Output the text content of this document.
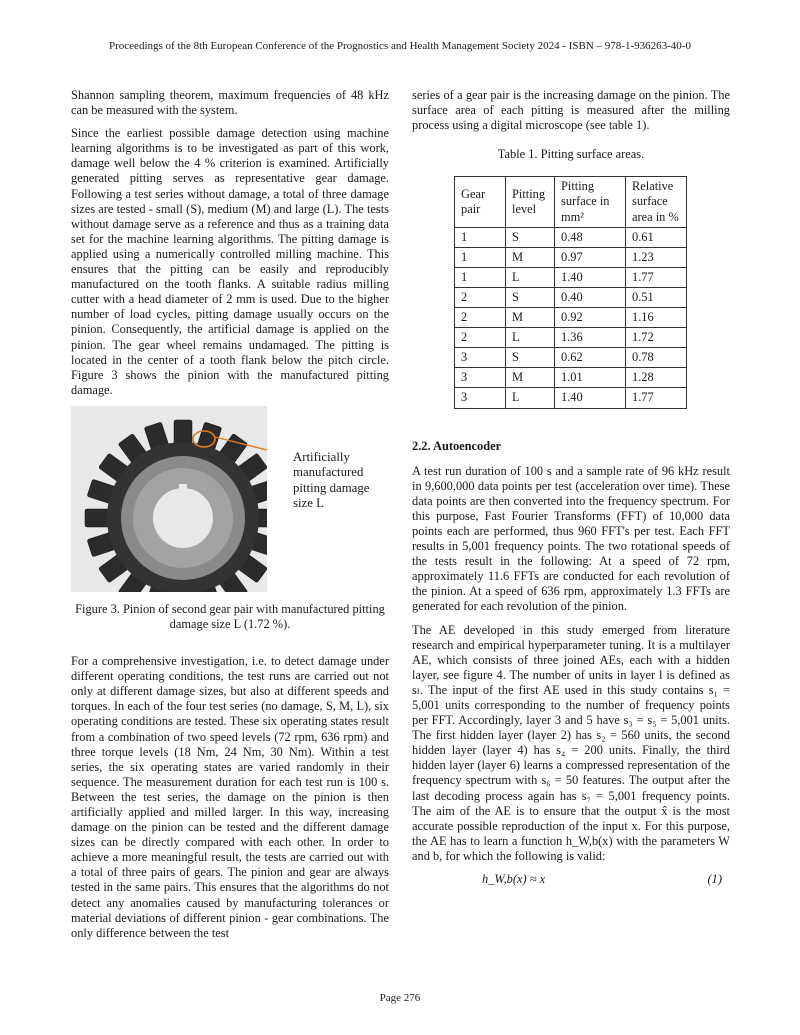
Proceedings of the 8th European Conference of the Prognostics and Health Management Society 2024 - ISBN – 978-1-936263-40-0

Shannon sampling theorem, maximum frequencies of 48 kHz can be measured with the system.

Since the earliest possible damage detection using machine learning algorithms is to be investigated as part of this work, damage well below the 4 % criterion is examined. Artificially generated pitting serves as representative gear damage. Following a test series without damage, a total of three damage sizes are tested - small (S), medium (M) and large (L). The tests without damage serve as a reference and thus as a training data set for the machine learning algorithms. The pitting damage is applied using a numerically controlled milling machine. This ensures that the pitting can be easily and reproducibly manufactured on the tooth flanks. A suitable radius milling cutter with a head diameter of 2 mm is used. Due to the higher number of load cycles, pitting damage usually occurs on the pinion. Consequently, the artificial damage is applied on the pinion. The gear wheel remains undamaged. The pitting is located in the center of a tooth flank below the pitch circle. Figure 3 shows the pinion with the manufactured pitting damage.

Artificially
manufactured
pitting damage
size L

Figure 3. Pinion of second gear pair with manufactured pitting damage size L (1.72 %).

For a comprehensive investigation, i.e. to detect damage under different operating conditions, the test runs are carried out not only at different damage sizes, but also at different speeds and torques. In each of the four test series (no damage, S, M, L), six operating conditions are tested. These six operating states result from a combination of two speed levels (72 rpm, 636 rpm) and three torque levels (18 Nm, 24 Nm, 30 Nm). Within a test series, the six operating states are varied randomly in their sequence. The measurement duration for each test run is 100 s. Between the test series, the damage on the pinion is then artificially applied and milled larger. In this way, increasing damage on the pinion can be tested and the different damage sizes can be directly compared with each other. In order to achieve a more meaningful result, the tests are carried out with a total of three pairs of gears. The pinion and gear are always tested in the same pairs. This ensures that the algorithms do not detect any anomalies caused by manufacturing tolerances or material deviations of different pinion - gear combinations. The only difference between the test

series of a gear pair is the increasing damage on the pinion. The surface area of each pitting is measured after the milling process using a digital microscope (see table 1).

Table 1. Pitting surface areas.

Gear pair	Pitting level	Pitting surface in mm²	Relative surface area in %
1	S	0.48	0.61
1	M	0.97	1.23
1	L	1.40	1.77
2	S	0.40	0.51
2	M	0.92	1.16
2	L	1.36	1.72
3	S	0.62	0.78
3	M	1.01	1.28
3	L	1.40	1.77
2.2. Autoencoder

A test run duration of 100 s and a sample rate of 96 kHz result in 9,600,000 data points per test (acceleration over time). These data points are then converted into the frequency spectrum. For this purpose, Fast Fourier Transforms (FFT) of 10,000 data points each are performed, thus 960 FFT's per test. Each FFT results in 5,001 frequency points. The two rotational speeds of the tests result in the following: At a speed of 72 rpm, approximately 11.6 FFTs are conducted for each revolution of the pinion. At a speed of 636 rpm, approximately 1.3 FFTs are generated for each revolution of the pinion.

The AE developed in this study emerged from literature research and empirical hyperparameter tuning. It is a multilayer AE, which consists of three joined AEs, each with a hidden layer, see figure 4. The number of units in layer l is defined as sₗ. The input of the first AE used in this study contains s₁ = 5,001 units corresponding to the number of frequency points per FFT. Accordingly, layer 3 and 5 have s₃ = s₅ = 5,001 units. The first hidden layer (layer 2) has s₂ = 560 units, the second hidden layer (layer 4) has s₄ = 200 units. Finally, the third hidden layer (layer 6) learns a compressed representation of the frequency spectrum with s₆ = 50 features. The output after the last decoding process again has s₇ = 5,001 frequency points. The aim of the AE is to ensure that the output x̂ is the most accurate possible reproduction of the input x. For this purpose, the AE has to learn a function h_W,b(x) with the parameters W and b, for which the following is valid:

h_W,b(x) ≈ x	(1)
Page 276
